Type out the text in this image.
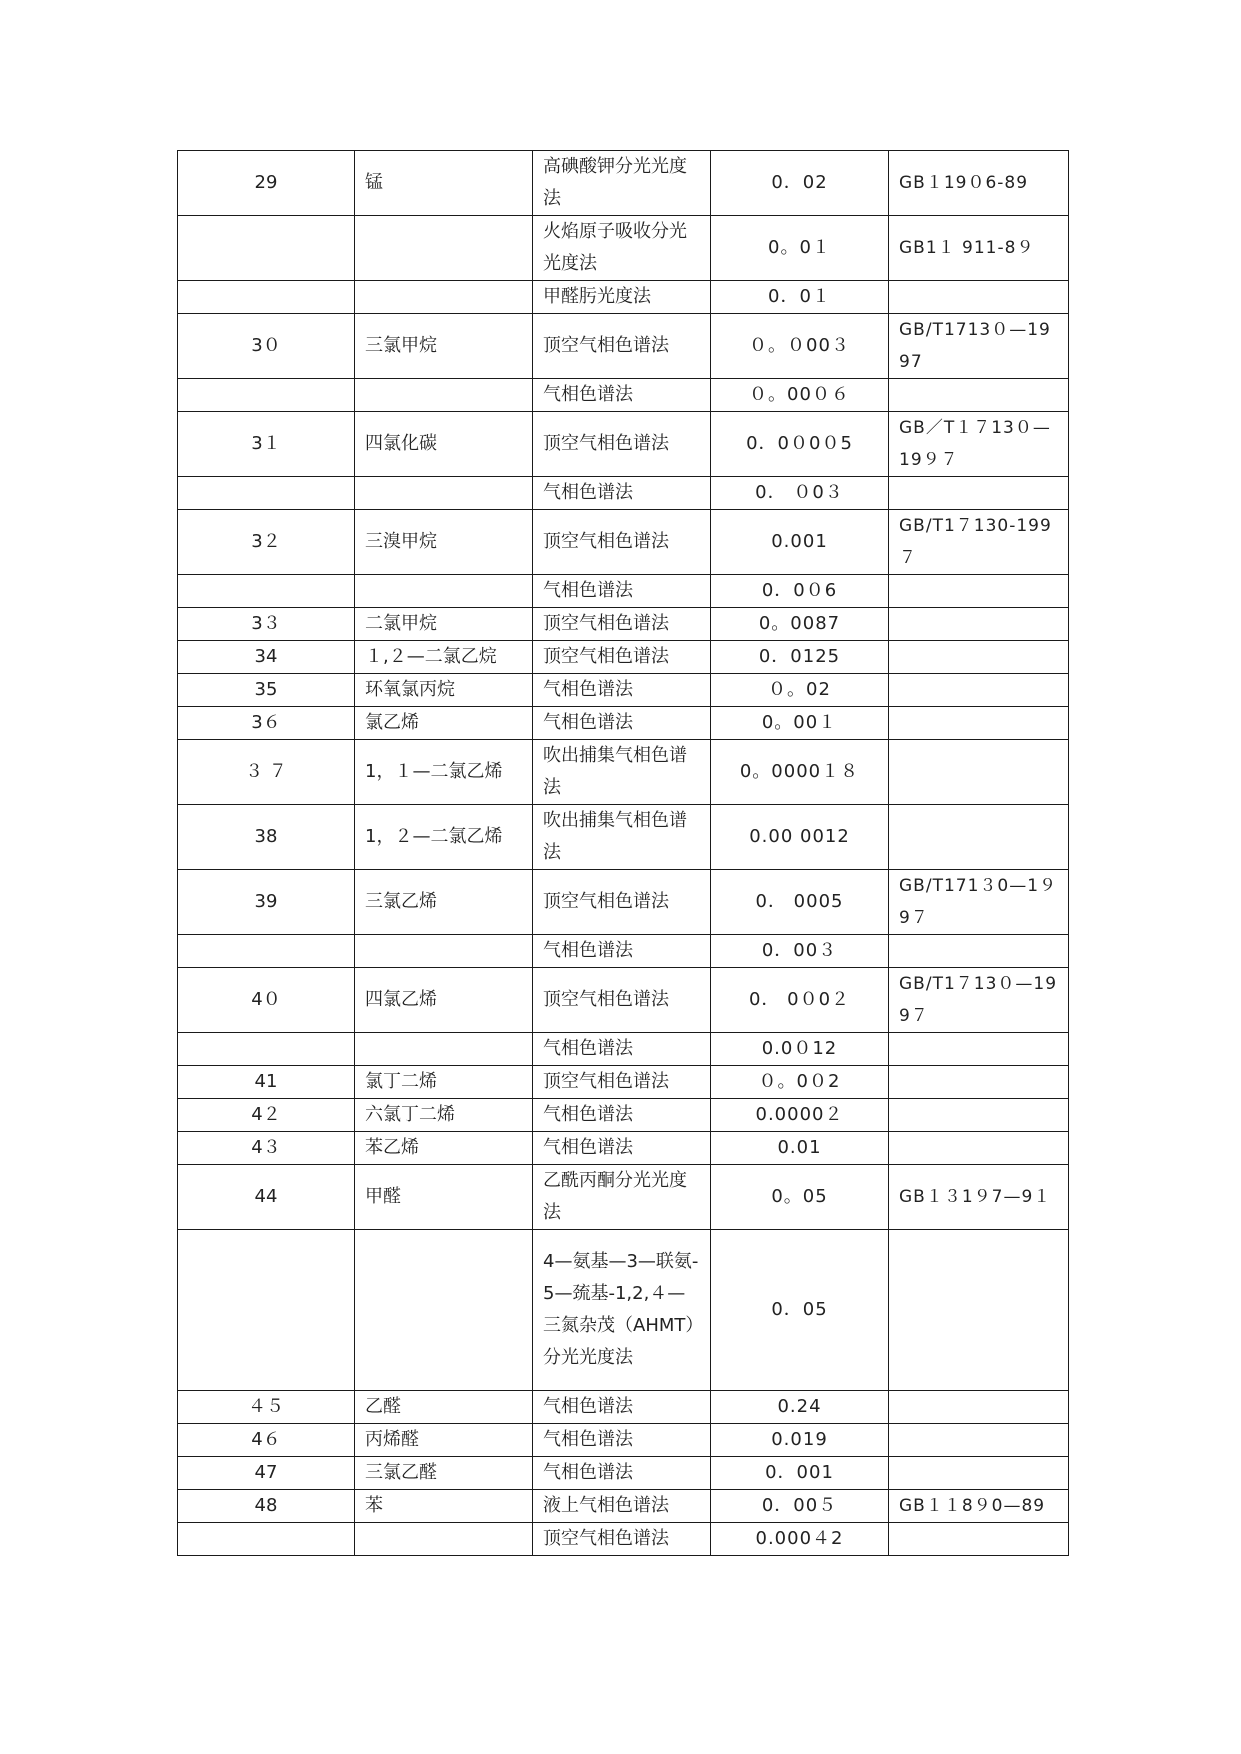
29	锰	高碘酸钾分光光度法	0．02	GB１19０6-89
		火焰原子吸收分光光度法	0。0１	GB1１ 911-8９
		甲醛肟光度法	0．0１	
3０	三氯甲烷	顶空气相色谱法	０。０00３	GB/T1713０—1997
		气相色谱法	０。00０６	
3１	四氯化碳	顶空气相色谱法	0．0０0０5	GB／T１７13０—19９７
		气相色谱法	0． ０0３	
3２	三溴甲烷	顶空气相色谱法	0.001	GB/T1７130-199７
		气相色谱法	0．0０6	
3３	二氯甲烷	顶空气相色谱法	0。0087	
34	１,２—二氯乙烷	顶空气相色谱法	0．0125	
35	环氧氯丙烷	气相色谱法	０。02	
3６	氯乙烯	气相色谱法	0。00１	
３ ７	1，１—二氯乙烯	吹出捕集气相色谱法	0。0000１８	
38	1，２—二氯乙烯	吹出捕集气相色谱法	0.00 0012	
39	三氯乙烯	顶空气相色谱法	0． 0005	GB/T171３0—1９9７
		气相色谱法	0．00３	
4０	四氯乙烯	顶空气相色谱法	0． 0０0２	GB/T1７13０—199７
		气相色谱法	0.0０12	
41	氯丁二烯	顶空气相色谱法	０。0０2	
4２	六氯丁二烯	气相色谱法	0.0000２	
4３	苯乙烯	气相色谱法	0.01	
44	甲醛	乙酰丙酮分光光度法	0。05	GB１３1９7—9１
		4—氨基—3—联氨-5—巯基-1,2,４—三氮杂茂（AHMT）分光光度法	0．05	
４５	乙醛	气相色谱法	0.24	
4６	丙烯醛	气相色谱法	0.019	
47	三氯乙醛	气相色谱法	0．001	
48	苯	液上气相色谱法	0．00５	GB１１8９0—89
		顶空气相色谱法	0.000４2	
